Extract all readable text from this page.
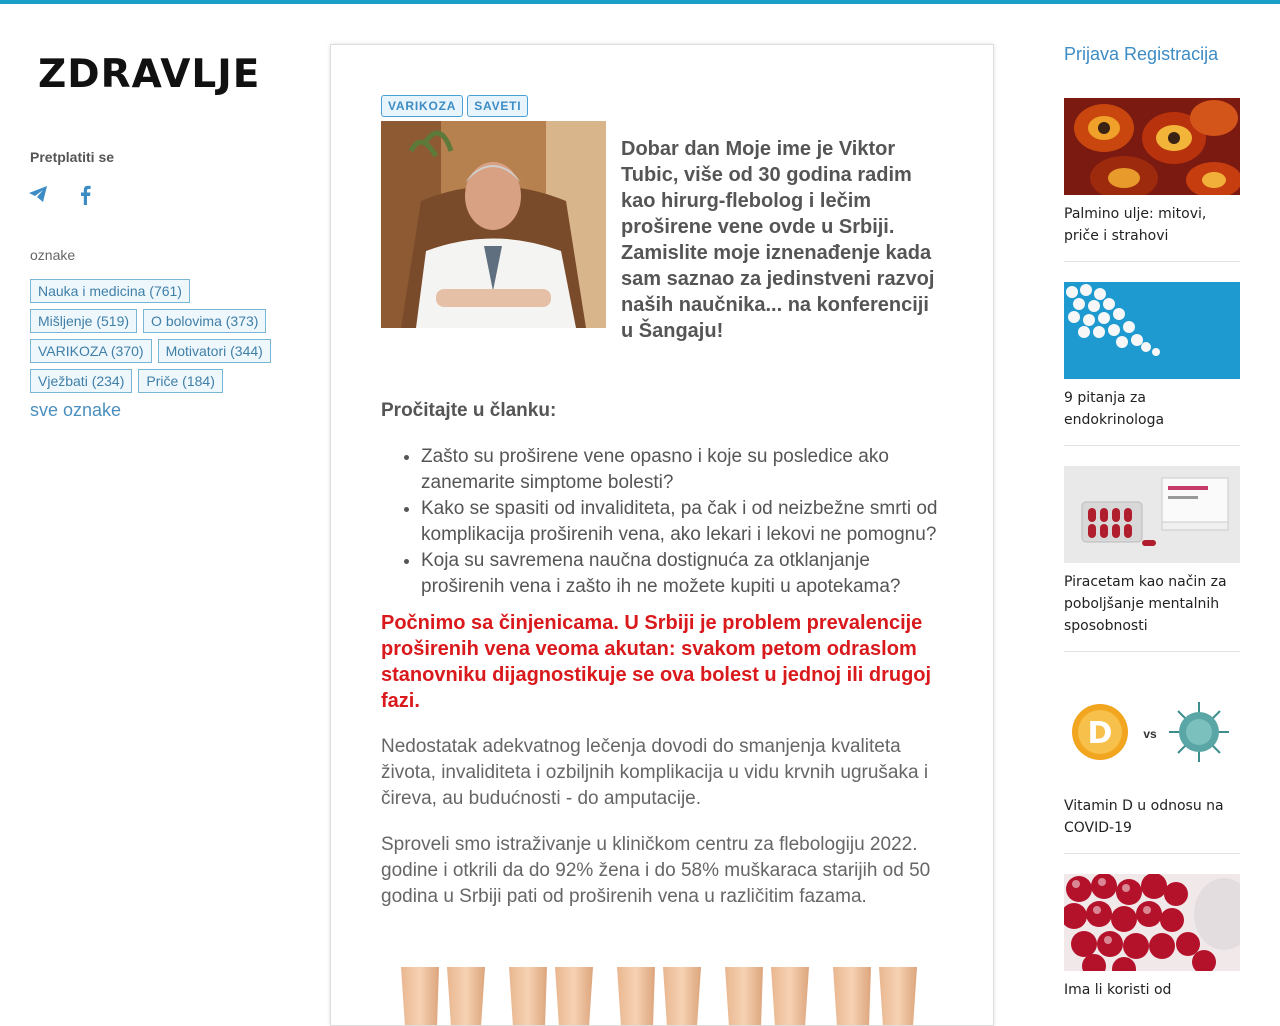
ZDRAVLJE
Pretplatiti se
oznake
Nauka i medicina (761)
Mišljenje (519)	O bolovima (373)
VARIKOZA (370)	Motivatori (344)
Vježbati (234)	Priče (184)
sve oznake
VARIKOZA	SAVETI
Dobar dan Moje ime je Viktor Tubic, više od 30 godina radim kao hirurg-flebolog i lečim proširene vene ovde u Srbiji. Zamislite moje iznenađenje kada sam saznao za jedinstveni razvoj naših naučnika... na konferenciji u Šangaju!
Pročitajte u članku:
• Zašto su proširene vene opasno i koje su posledice ako zanemarite simptome bolesti?
• Kako se spasiti od invaliditeta, pa čak i od neizbežne smrti od komplikacija proširenih vena, ako lekari i lekovi ne pomognu?
• Koja su savremena naučna dostignuća za otklanjanje proširenih vena i zašto ih ne možete kupiti u apotekama?
Počnimo sa činjenicama. U Srbiji je problem prevalencije proširenih vena veoma akutan: svakom petom odraslom stanovniku dijagnostikuje se ova bolest u jednoj ili drugoj fazi.
Nedostatak adekvatnog lečenja dovodi do smanjenja kvaliteta života, invaliditeta i ozbiljnih komplikacija u vidu krvnih ugrušaka i čireva, au budućnosti - do amputacije.
Sproveli smo istraživanje u kliničkom centru za flebologiju 2022. godine i otkrili da do 92% žena i do 58% muškaraca starijih od 50 godina u Srbiji pati od proširenih vena u različitim fazama.
Prijava Registracija
Palmino ulje: mitovi, priče i strahovi
9 pitanja za endokrinologa
Piracetam kao način za poboljšanje mentalnih sposobnosti
D	vs
Vitamin D u odnosu na COVID-19
Ima li koristi od
